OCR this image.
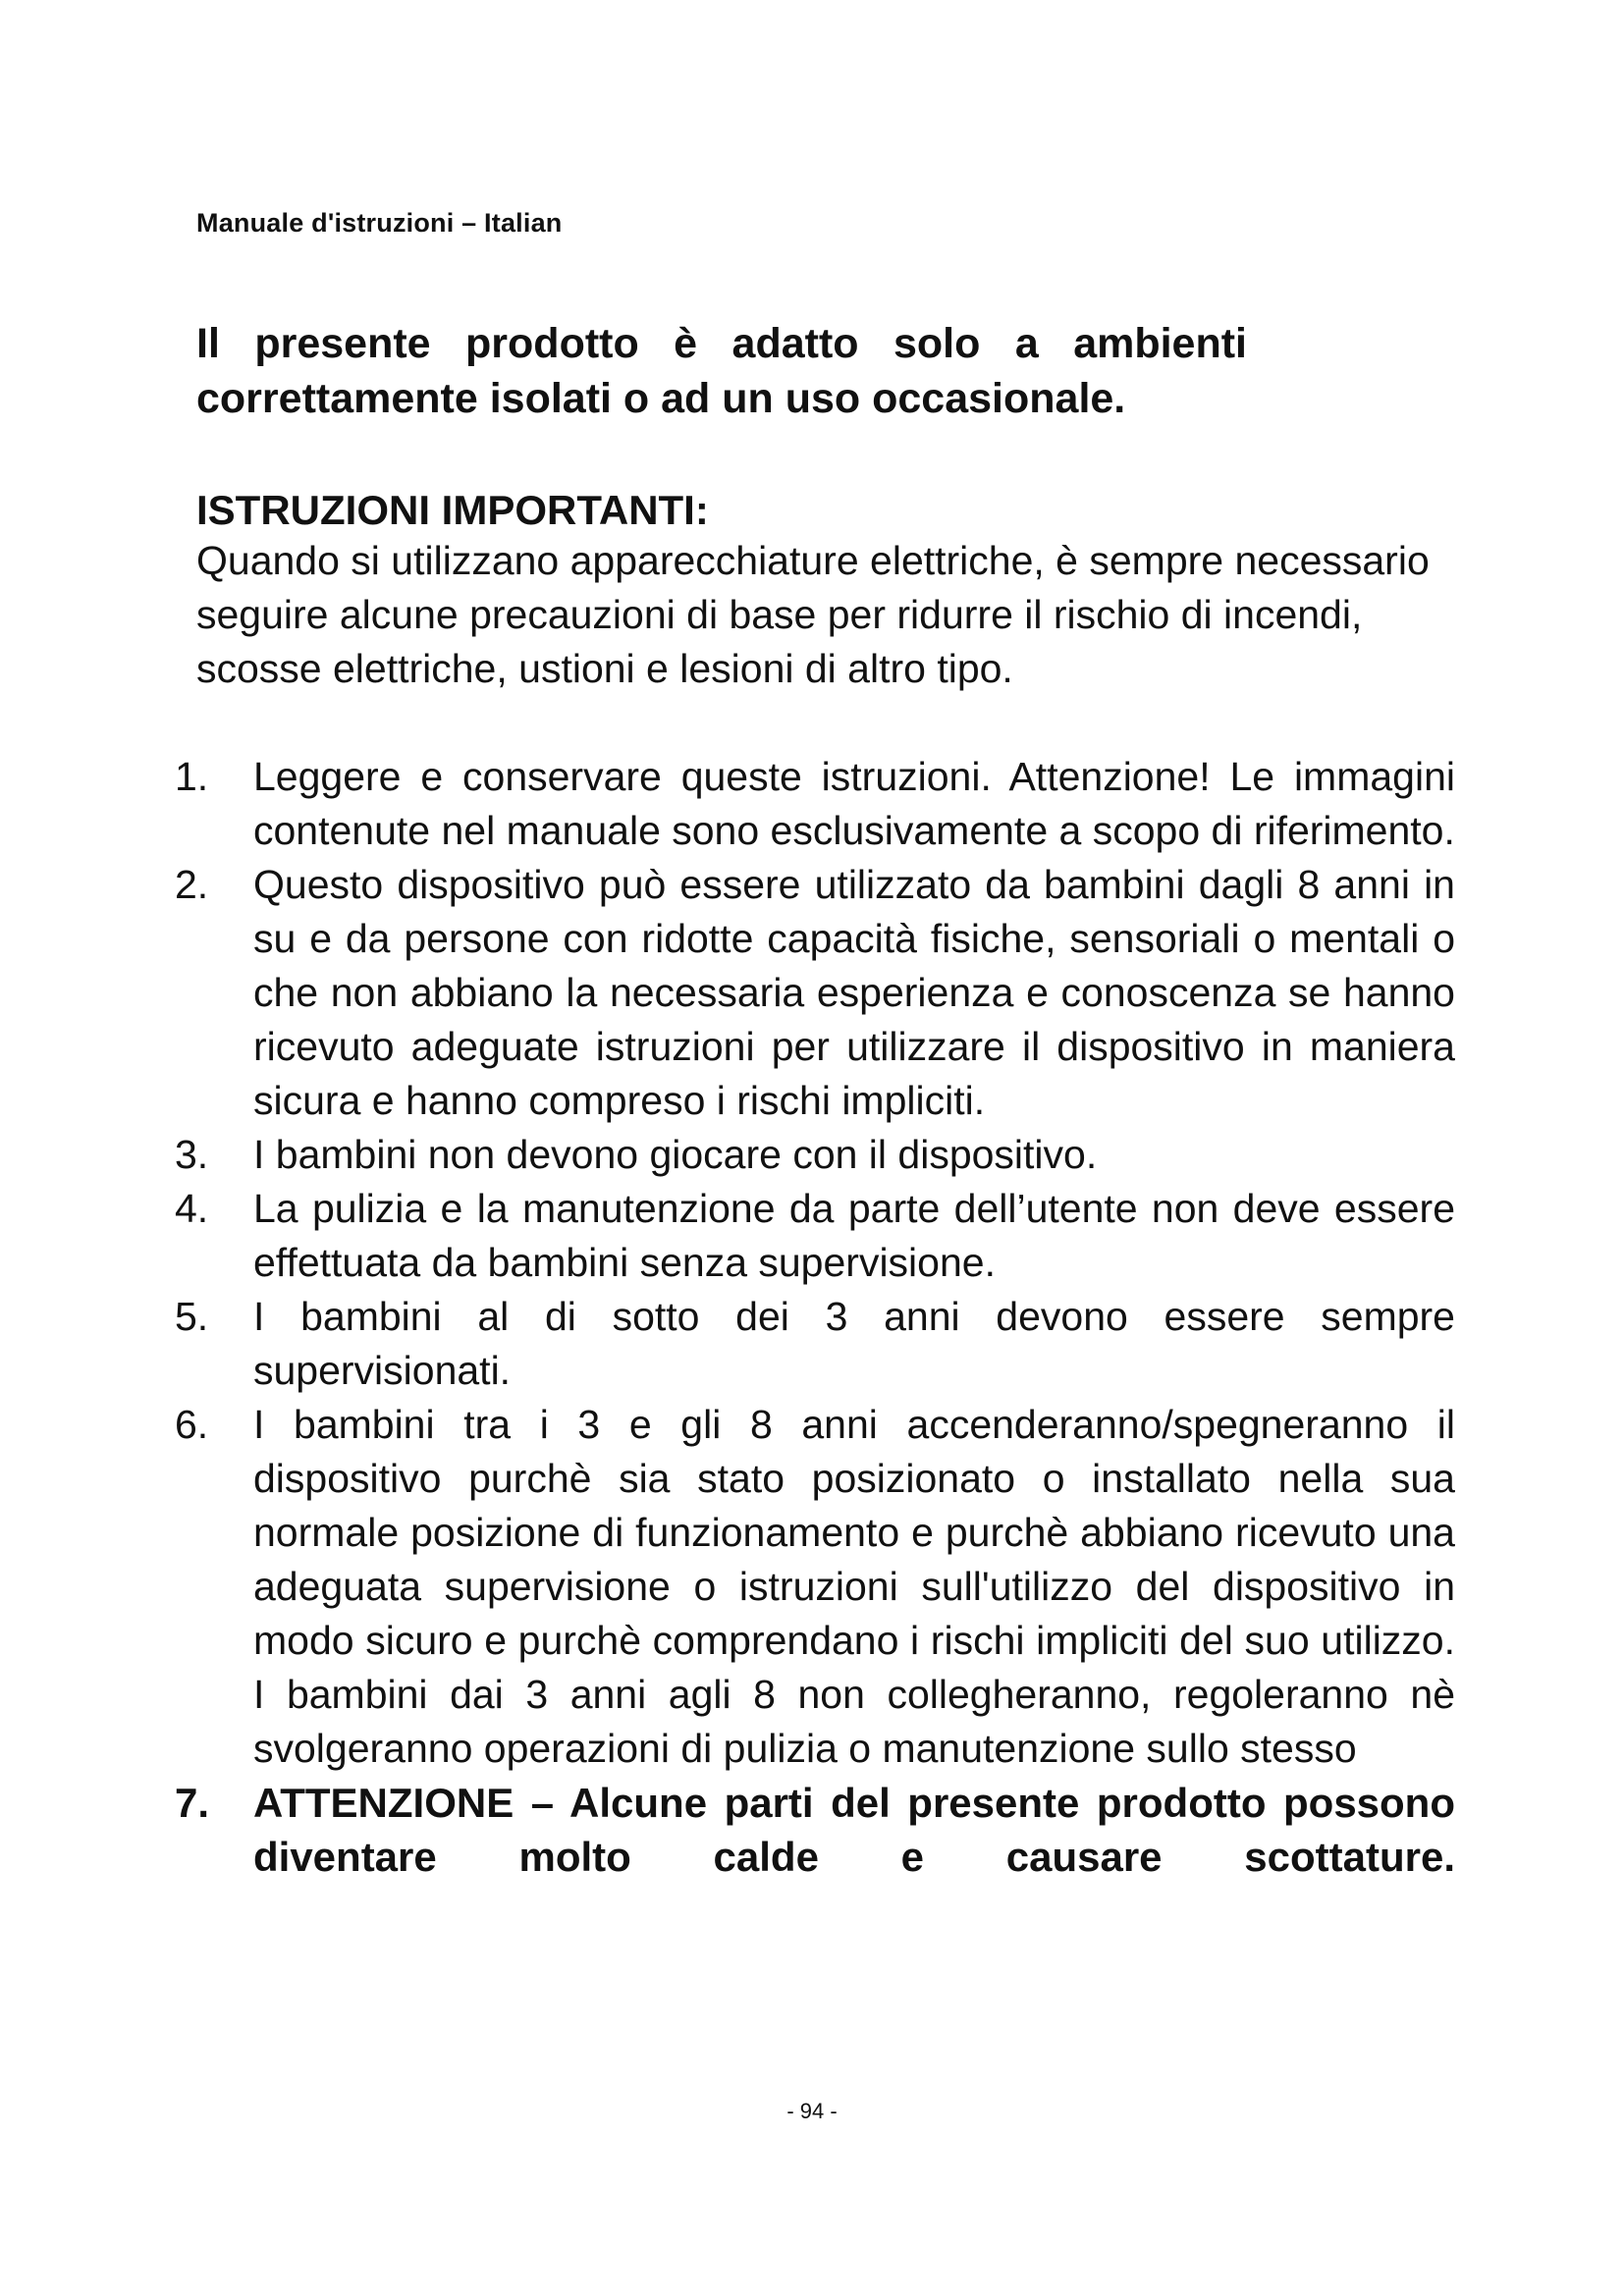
Manuale d'istruzioni – Italian
Il presente prodotto è adatto solo a ambienti correttamente isolati o ad un uso occasionale.
ISTRUZIONI IMPORTANTI:
Quando si utilizzano apparecchiature elettriche, è sempre necessario seguire alcune precauzioni di base per ridurre il rischio di incendi, scosse elettriche, ustioni e lesioni di altro tipo.
1. Leggere e conservare queste istruzioni. Attenzione! Le immagini contenute nel manuale sono esclusivamente a scopo di riferimento.
2. Questo dispositivo può essere utilizzato da bambini dagli 8 anni in su e da persone con ridotte capacità fisiche, sensoriali o mentali o che non abbiano la necessaria esperienza e conoscenza se hanno ricevuto adeguate istruzioni per utilizzare il dispositivo in maniera sicura e hanno compreso i rischi impliciti.
3. I bambini non devono giocare con il dispositivo.
4. La pulizia e la manutenzione da parte dell’utente non deve essere effettuata da bambini senza supervisione.
5. I bambini al di sotto dei 3 anni devono essere sempre supervisionati.
6. I bambini tra i 3 e gli 8 anni accenderanno/spegneranno il dispositivo purchè sia stato posizionato o installato nella sua normale posizione di funzionamento e purchè abbiano ricevuto una adeguata supervisione o istruzioni sull'utilizzo del dispositivo in modo sicuro e purchè comprendano i rischi impliciti del suo utilizzo. I bambini dai 3 anni agli 8 non collegheranno, regoleranno nè svolgeranno operazioni di pulizia o manutenzione sullo stesso
7. ATTENZIONE – Alcune parti del presente prodotto possono diventare molto calde e causare scottature.
- 94 -
